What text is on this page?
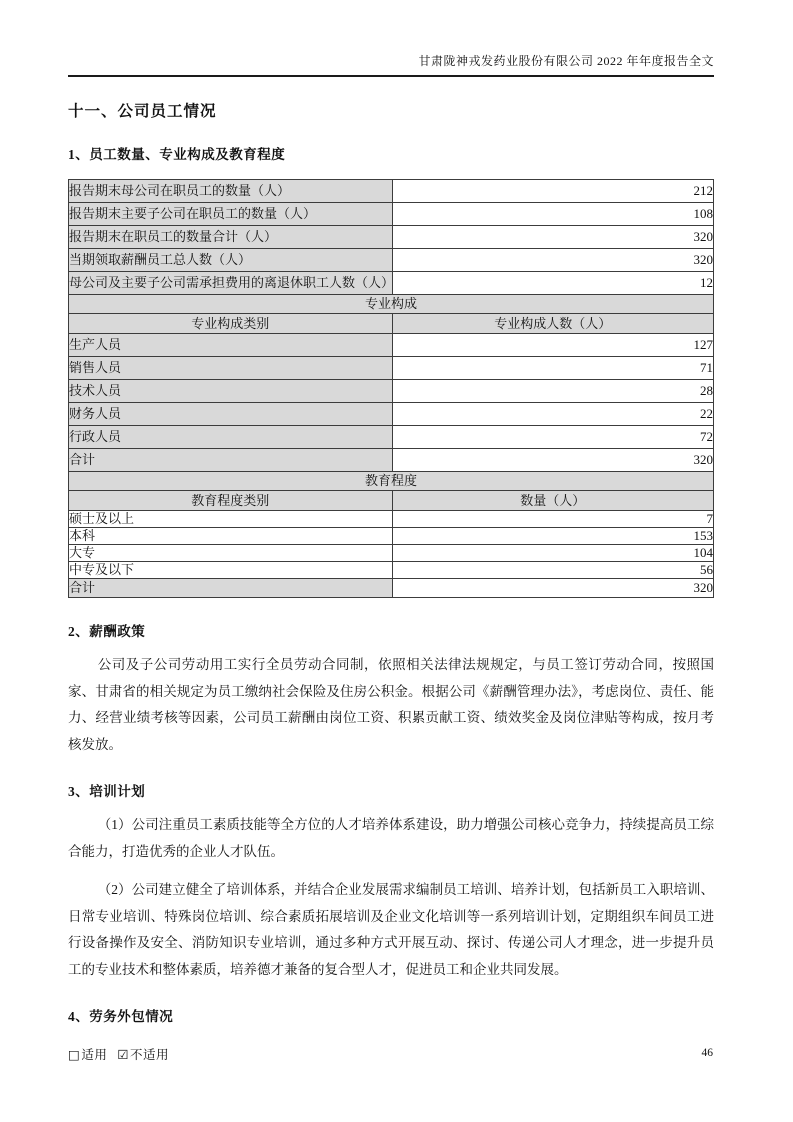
甘肃陇神戎发药业股份有限公司 2022 年年度报告全文
十一、公司员工情况
1、员工数量、专业构成及教育程度
报告期末母公司在职员工的数量（人）	212
报告期末主要子公司在职员工的数量（人）	108
报告期末在职员工的数量合计（人）	320
当期领取薪酬员工总人数（人）	320
母公司及主要子公司需承担费用的离退休职工人数（人）	12
专业构成	
专业构成类别	专业构成人数（人）
生产人员	127
销售人员	71
技术人员	28
财务人员	22
行政人员	72
合计	320
教育程度	
教育程度类别	数量（人）
硕士及以上	7
本科	153
大专	104
中专及以下	56
合计	320
2、薪酬政策

公司及子公司劳动用工实行全员劳动合同制，依照相关法律法规规定，与员工签订劳动合同，按照国家、甘肃省的相关规定为员工缴纳社会保险及住房公积金。根据公司《薪酬管理办法》，考虑岗位、责任、能力、经营业绩考核等因素，公司员工薪酬由岗位工资、积累贡献工资、绩效奖金及岗位津贴等构成，按月考核发放。

3、培训计划

（1）公司注重员工素质技能等全方位的人才培养体系建设，助力增强公司核心竞争力，持续提高员工综合能力，打造优秀的企业人才队伍。

（2）公司建立健全了培训体系，并结合企业发展需求编制员工培训、培养计划，包括新员工入职培训、日常专业培训、特殊岗位培训、综合素质拓展培训及企业文化培训等一系列培训计划，定期组织车间员工进行设备操作及安全、消防知识专业培训，通过多种方式开展互动、探讨、传递公司人才理念，进一步提升员工的专业技术和整体素质，培养德才兼备的复合型人才，促进员工和企业共同发展。

4、劳务外包情况
□适用 ☑不适用	46
